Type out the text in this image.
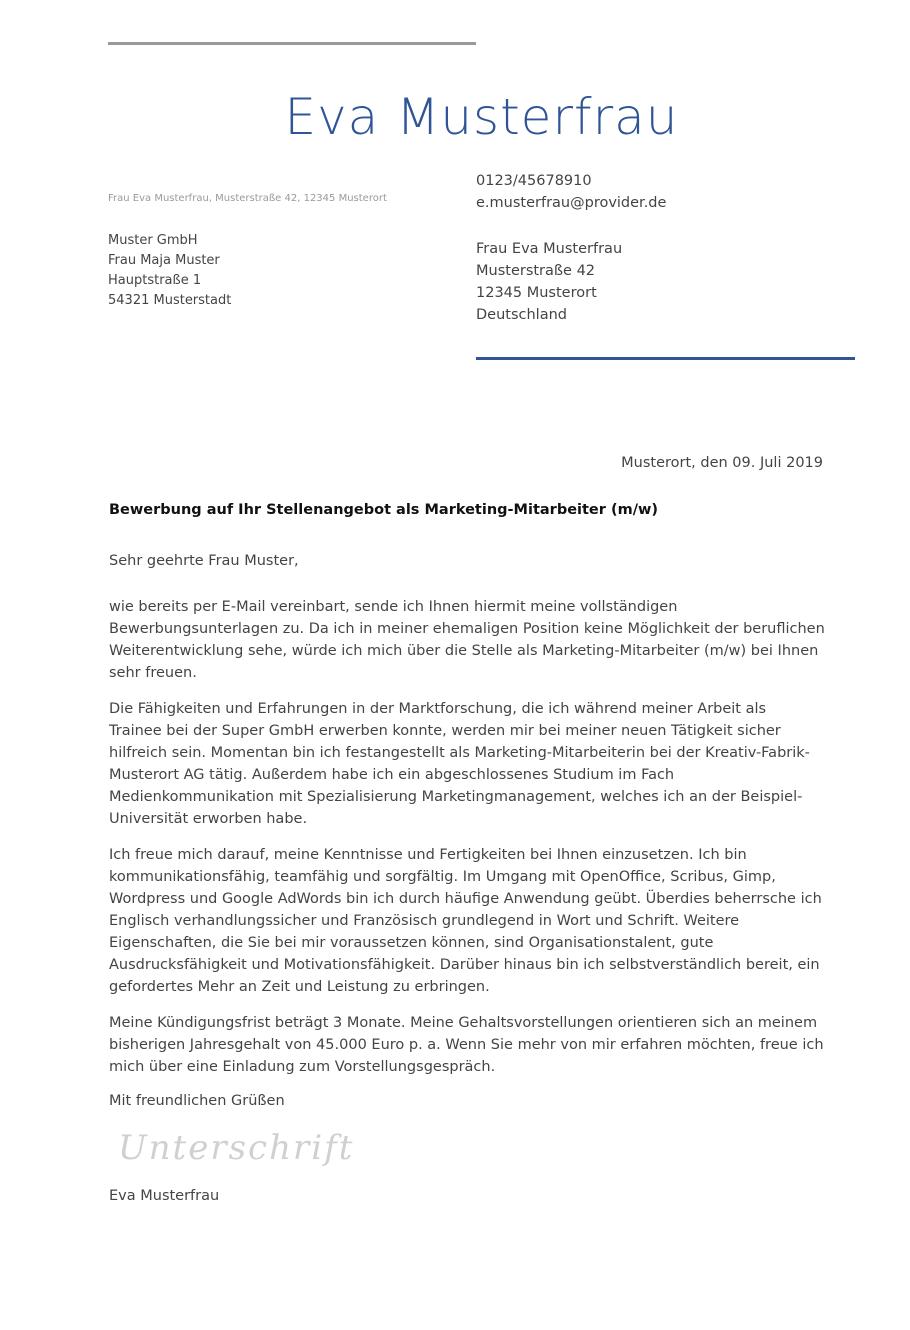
Eva Musterfrau
Frau Eva Musterfrau, Musterstraße 42, 12345 Musterort
Muster GmbH
Frau Maja Muster
Hauptstraße 1
54321 Musterstadt
0123/45678910
e.musterfrau@provider.de
Frau Eva Musterfrau
Musterstraße 42
12345 Musterort
Deutschland
Musterort, den 09. Juli 2019
Bewerbung auf Ihr Stellenangebot als Marketing-Mitarbeiter (m/w)
Sehr geehrte Frau Muster,
wie bereits per E-Mail vereinbart, sende ich Ihnen hiermit meine vollständigen
Bewerbungsunterlagen zu. Da ich in meiner ehemaligen Position keine Möglichkeit der beruflichen
Weiterentwicklung sehe, würde ich mich über die Stelle als Marketing-Mitarbeiter (m/w) bei Ihnen
sehr freuen.
Die Fähigkeiten und Erfahrungen in der Marktforschung, die ich während meiner Arbeit als
Trainee bei der Super GmbH erwerben konnte, werden mir bei meiner neuen Tätigkeit sicher
hilfreich sein. Momentan bin ich festangestellt als Marketing-Mitarbeiterin bei der Kreativ-Fabrik-
Musterort AG tätig. Außerdem habe ich ein abgeschlossenes Studium im Fach
Medienkommunikation mit Spezialisierung Marketingmanagement, welches ich an der Beispiel-
Universität erworben habe.
Ich freue mich darauf, meine Kenntnisse und Fertigkeiten bei Ihnen einzusetzen. Ich bin
kommunikationsfähig, teamfähig und sorgfältig. Im Umgang mit OpenOffice, Scribus, Gimp,
Wordpress und Google AdWords bin ich durch häufige Anwendung geübt. Überdies beherrsche ich
Englisch verhandlungssicher und Französisch grundlegend in Wort und Schrift. Weitere
Eigenschaften, die Sie bei mir voraussetzen können, sind Organisationstalent, gute
Ausdrucksfähigkeit und Motivationsfähigkeit. Darüber hinaus bin ich selbstverständlich bereit, ein
gefordertes Mehr an Zeit und Leistung zu erbringen.
Meine Kündigungsfrist beträgt 3 Monate. Meine Gehaltsvorstellungen orientieren sich an meinem
bisherigen Jahresgehalt von 45.000 Euro p. a. Wenn Sie mehr von mir erfahren möchten, freue ich
mich über eine Einladung zum Vorstellungsgespräch.
Mit freundlichen Grüßen
Unterschrift
Eva Musterfrau
